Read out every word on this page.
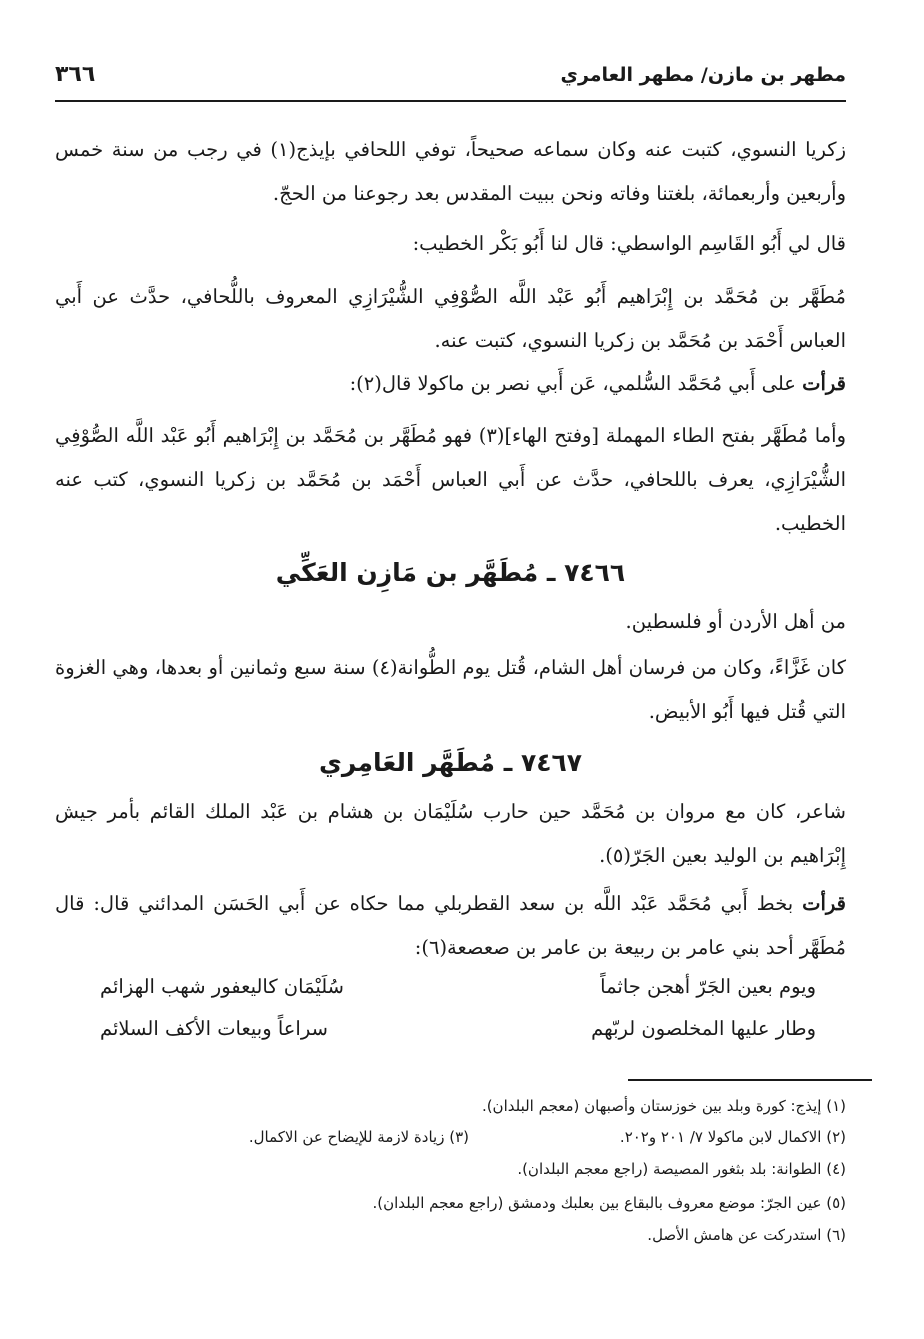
مطهر بن مازن/ مطهر العامري
٣٦٦
زكريا النسوي، كتبت عنه وكان سماعه صحيحاً، توفي اللحافي بإيذج(١) في رجب من سنة خمس وأربعين وأربعمائة، بلغتنا وفاته ونحن ببيت المقدس بعد رجوعنا من الحجّ.
قال لي أَبُو القَاسِم الواسطي: قال لنا أَبُو بَكْر الخطيب:
مُطَهَّر بن مُحَمَّد بن إِبْرَاهيم أَبُو عَبْد اللَّه الصُّوْفِي الشُّيْرَازِي المعروف باللُّحافي، حدَّث عن أَبي العباس أَحْمَد بن مُحَمَّد بن زكريا النسوي، كتبت عنه.
قرأت على أَبي مُحَمَّد السُّلمي، عَن أَبي نصر بن ماكولا قال(٢):
وأما مُطَهَّر بفتح الطاء المهملة [وفتح الهاء](٣) فهو مُطَهَّر بن مُحَمَّد بن إِبْرَاهيم أَبُو عَبْد اللَّه الصُّوْفِي الشُّيْرَازِي، يعرف باللحافي، حدَّث عن أَبي العباس أَحْمَد بن مُحَمَّد بن زكريا النسوي، كتب عنه الخطيب.
٧٤٦٦ ـ مُطَهَّر بن مَازِن العَكِّي
من أهل الأردن أو فلسطين.
كان غَزَّاءً، وكان من فرسان أهل الشام، قُتل يوم الطُّوانة(٤) سنة سبع وثمانين أو بعدها، وهي الغزوة التي قُتل فيها أَبُو الأبيض.
٧٤٦٧ ـ مُطَهَّر العَامِري
شاعر، كان مع مروان بن مُحَمَّد حين حارب سُلَيْمَان بن هشام بن عَبْد الملك القائم بأمر جيش إِبْرَاهيم بن الوليد بعين الجَرّ(٥).
قرأت بخط أَبي مُحَمَّد عَبْد اللَّه بن سعد القطربلي مما حكاه عن أَبي الحَسَن المدائني قال: قال مُطَهَّر أحد بني عامر بن ربيعة بن عامر بن صعصعة(٦):
ويوم بعين الجَرّ أهجن جاثماً
سُلَيْمَان كاليعفور شهب الهزائم
وطار عليها المخلصون لربّهم
سراعاً وبيعات الأكف السلائم
(١) إيذج: كورة وبلد بين خوزستان وأصبهان (معجم البلدان).
(٢) الاكمال لابن ماكولا ٧/ ٢٠١ و٢٠٢.
(٣) زيادة لازمة للإيضاح عن الاكمال.
(٤) الطوانة: بلد بثغور المصيصة (راجع معجم البلدان).
(٥) عين الجرّ: موضع معروف بالبقاع بين بعلبك ودمشق (راجع معجم البلدان).
(٦) استدركت عن هامش الأصل.
